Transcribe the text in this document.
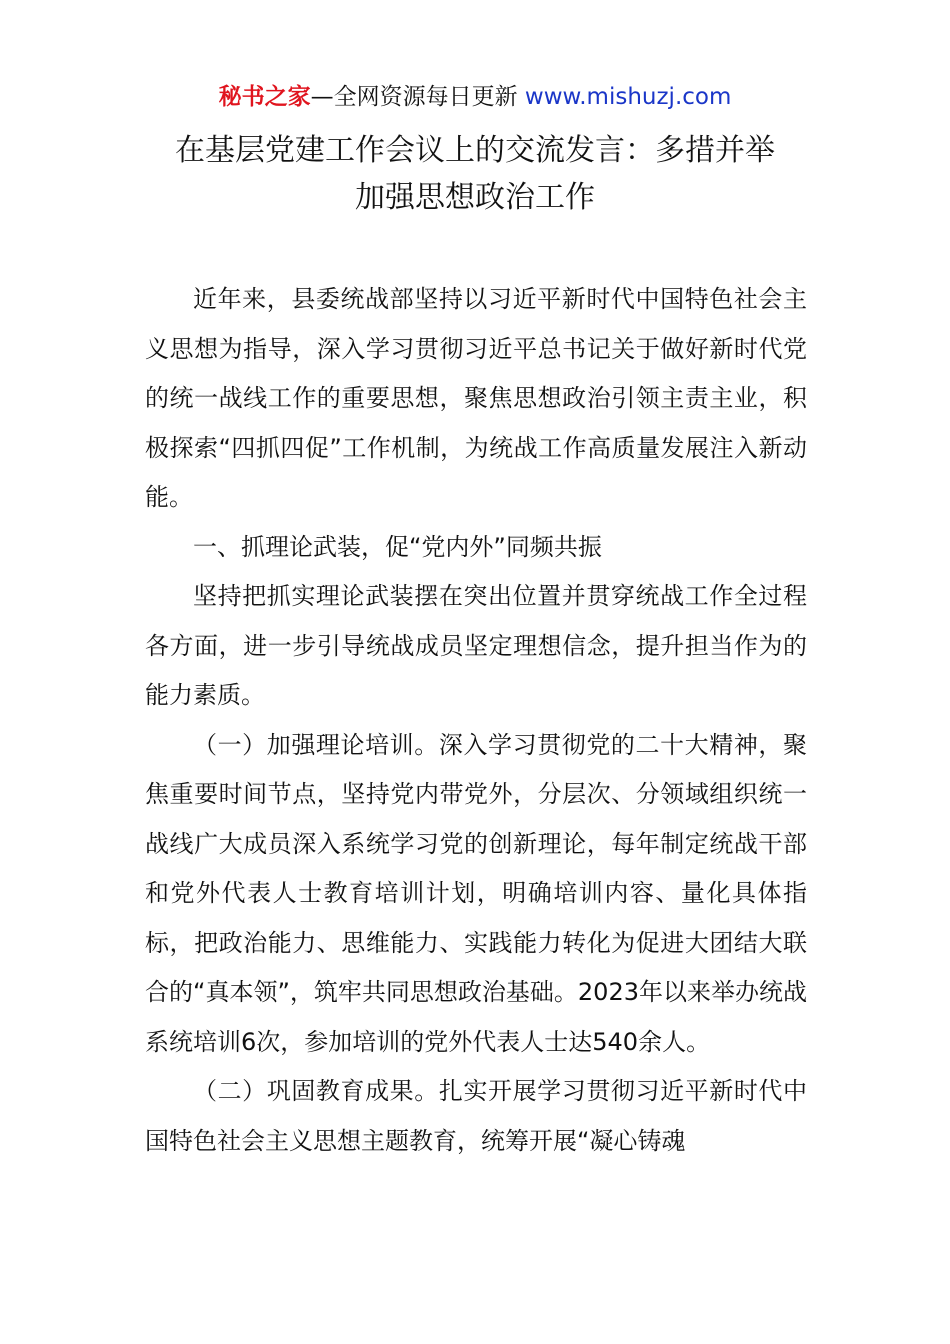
秘书之家—全网资源每日更新 www.mishuzj.com
在基层党建工作会议上的交流发言：多措并举
加强思想政治工作

近年来，县委统战部坚持以习近平新时代中国特色社会主义思想为指导，深入学习贯彻习近平总书记关于做好新时代党的统一战线工作的重要思想，聚焦思想政治引领主责主业，积极探索“四抓四促”工作机制，为统战工作高质量发展注入新动能。

一、抓理论武装，促“党内外”同频共振

坚持把抓实理论武装摆在突出位置并贯穿统战工作全过程各方面，进一步引导统战成员坚定理想信念，提升担当作为的能力素质。

（一）加强理论培训。深入学习贯彻党的二十大精神，聚焦重要时间节点，坚持党内带党外，分层次、分领域组织统一战线广大成员深入系统学习党的创新理论，每年制定统战干部和党外代表人士教育培训计划，明确培训内容、量化具体指标，把政治能力、思维能力、实践能力转化为促进大团结大联合的“真本领”，筑牢共同思想政治基础。2023年以来举办统战系统培训6次，参加培训的党外代表人士达540余人。

（二）巩固教育成果。扎实开展学习贯彻习近平新时代中国特色社会主义思想主题教育，统筹开展“凝心铸魂
